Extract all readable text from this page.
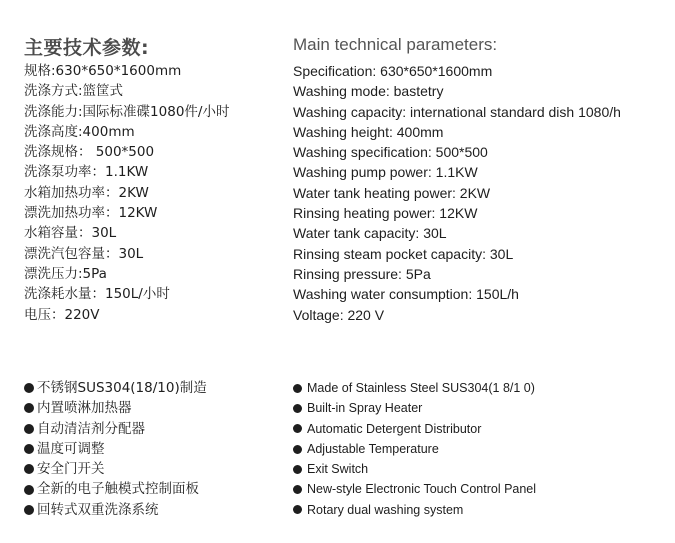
主要技术参数:
规格:630*650*1600mm
洗涤方式:篮筐式
洗涤能力:国际标准碟1080件/小时
洗涤高度:400mm
洗涤规格： 500*500
洗涤泵功率：1.1KW
水箱加热功率：2KW
漂洗加热功率：12KW
水箱容量：30L
漂洗汽包容量：30L
漂洗压力:5Pa
洗涤耗水量：150L/小时
电压：220V
不锈钢SUS304(18/10)制造
内置喷淋加热器
自动清洁剂分配器
温度可调整
安全门开关
全新的电子触模式控制面板
回转式双重洗涤系统
Main technical parameters:
Specification: 630*650*1600mm
Washing mode: bastetry
Washing capacity: international standard dish 1080/h
Washing height: 400mm
Washing specification: 500*500
Washing pump power: 1.1KW
Water tank heating power: 2KW
Rinsing heating power: 12KW
Water tank capacity: 30L
Rinsing steam pocket capacity: 30L
Rinsing pressure: 5Pa
Washing water consumption: 150L/h
Voltage: 220 V
Made of Stainless Steel SUS304(1 8/1 0)
Built-in Spray Heater
Automatic Detergent Distributor
Adjustable Temperature
Exit Switch
New-style Electronic Touch Control Panel
Rotary dual washing system
